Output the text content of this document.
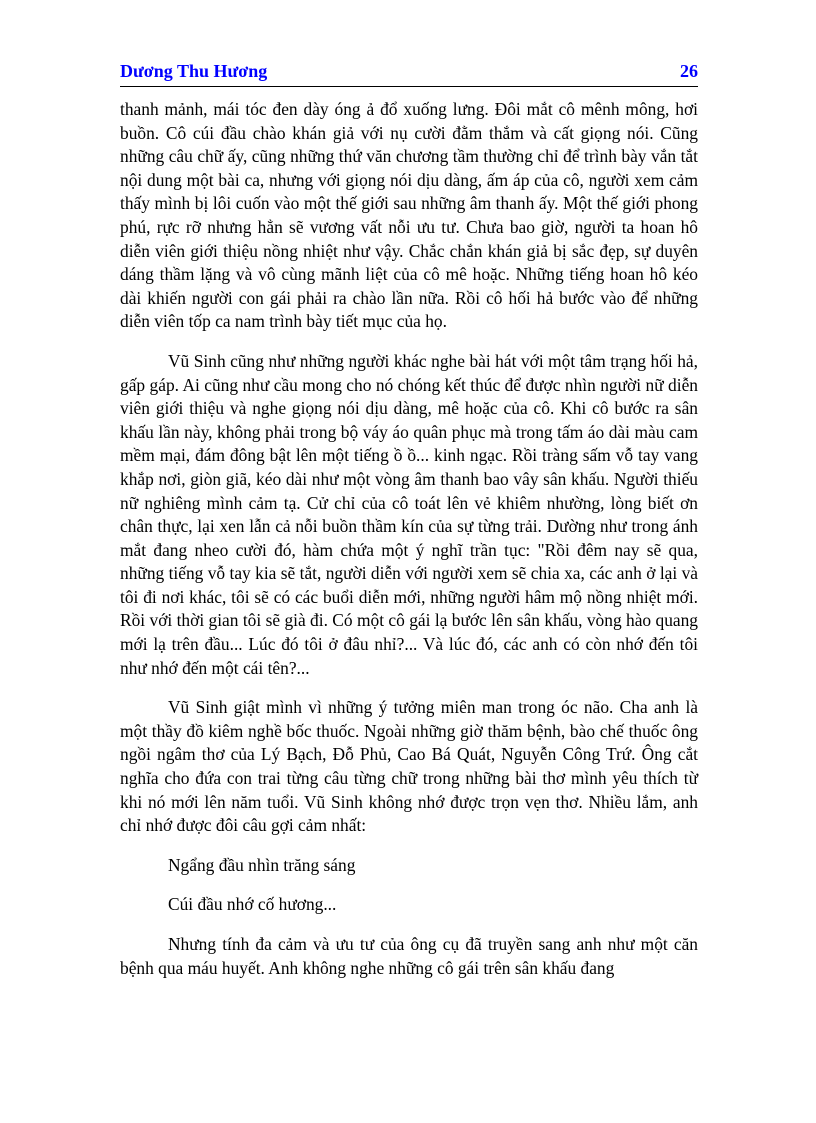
Dương Thu Hương	26

thanh mảnh, mái tóc đen dày óng ả đổ xuống lưng. Đôi mắt cô mênh mông, hơi buồn. Cô cúi đầu chào khán giả với nụ cười đằm thắm và cất giọng nói. Cũng những câu chữ ấy, cũng những thứ văn chương tầm thường chỉ để trình bày vắn tắt nội dung một bài ca, nhưng với giọng nói dịu dàng, ấm áp của cô, người xem cảm thấy mình bị lôi cuốn vào một thế giới sau những âm thanh ấy. Một thế giới phong phú, rực rỡ nhưng hẳn sẽ vương vất nỗi ưu tư. Chưa bao giờ, người ta hoan hô diễn viên giới thiệu nồng nhiệt như vậy. Chắc chắn khán giả bị sắc đẹp, sự duyên dáng thầm lặng và vô cùng mãnh liệt của cô mê hoặc. Những tiếng hoan hô kéo dài khiến người con gái phải ra chào lần nữa. Rồi cô hối hả bước vào để những diễn viên tốp ca nam trình bày tiết mục của họ.

Vũ Sinh cũng như những người khác nghe bài hát với một tâm trạng hối hả, gấp gáp. Ai cũng như cầu mong cho nó chóng kết thúc để được nhìn người nữ diễn viên giới thiệu và nghe giọng nói dịu dàng, mê hoặc của cô. Khi cô bước ra sân khấu lần này, không phải trong bộ váy áo quân phục mà trong tấm áo dài màu cam mềm mại, đám đông bật lên một tiếng ồ ồ... kinh ngạc. Rồi tràng sấm vỗ tay vang khắp nơi, giòn giã, kéo dài như một vòng âm thanh bao vây sân khấu. Người thiếu nữ nghiêng mình cảm tạ. Cử chỉ của cô toát lên vẻ khiêm nhường, lòng biết ơn chân thực, lại xen lẫn cả nỗi buồn thầm kín của sự từng trải. Dường như trong ánh mắt đang nheo cười đó, hàm chứa một ý nghĩ trần tục: "Rồi đêm nay sẽ qua, những tiếng vỗ tay kia sẽ tắt, người diễn với người xem sẽ chia xa, các anh ở lại và tôi đi nơi khác, tôi sẽ có các buổi diễn mới, những người hâm mộ nồng nhiệt mới. Rồi với thời gian tôi sẽ già đi. Có một cô gái lạ bước lên sân khấu, vòng hào quang mới lạ trên đầu... Lúc đó tôi ở đâu nhỉ?... Và lúc đó, các anh có còn nhớ đến tôi như nhớ đến một cái tên?...

Vũ Sinh giật mình vì những ý tưởng miên man trong óc não. Cha anh là một thầy đồ kiêm nghề bốc thuốc. Ngoài những giờ thăm bệnh, bào chế thuốc ông ngồi ngâm thơ của Lý Bạch, Đỗ Phủ, Cao Bá Quát, Nguyễn Công Trứ. Ông cắt nghĩa cho đứa con trai từng câu từng chữ trong những bài thơ mình yêu thích từ khi nó mới lên năm tuổi. Vũ Sinh không nhớ được trọn vẹn thơ. Nhiều lắm, anh chỉ nhớ được đôi câu gợi cảm nhất:

Ngẩng đầu nhìn trăng sáng

Cúi đầu nhớ cố hương...

Nhưng tính đa cảm và ưu tư của ông cụ đã truyền sang anh như một căn bệnh qua máu huyết. Anh không nghe những cô gái trên sân khấu đang
